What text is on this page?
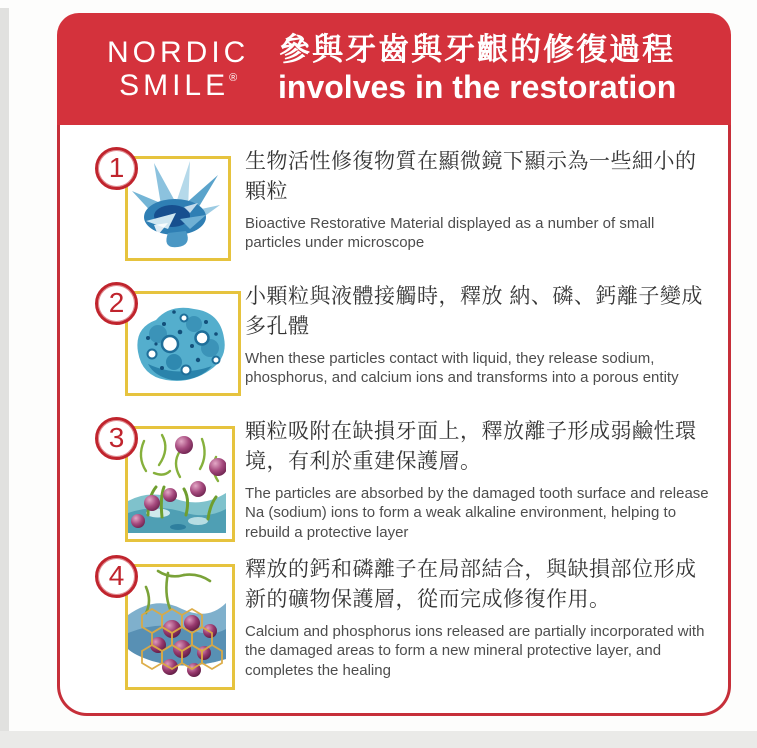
NORDIC
SMILE®
參與牙齒與牙齦的修復過程
involves in the restoration
1	生物活性修復物質在顯微鏡下顯示為一些細小的顆粒

Bioactive Restorative Material displayed as a number of small particles under microscope

2	小顆粒與液體接觸時，釋放 納、磷、鈣離子變成多孔體

When these particles contact with liquid, they release sodium, phosphorus, and calcium ions and transforms into a porous entity

3	顆粒吸附在缺損牙面上，釋放離子形成弱鹼性環境，有利於重建保護層。

The particles are absorbed by the damaged tooth surface and release Na (sodium) ions to form a weak alkaline environment, helping to rebuild a protective layer

4	釋放的鈣和磷離子在局部結合，與缺損部位形成新的礦物保護層，從而完成修復作用。

Calcium and phosphorus ions released are partially incorporated with the damaged areas to form a new mineral protective layer, and completes the healing
